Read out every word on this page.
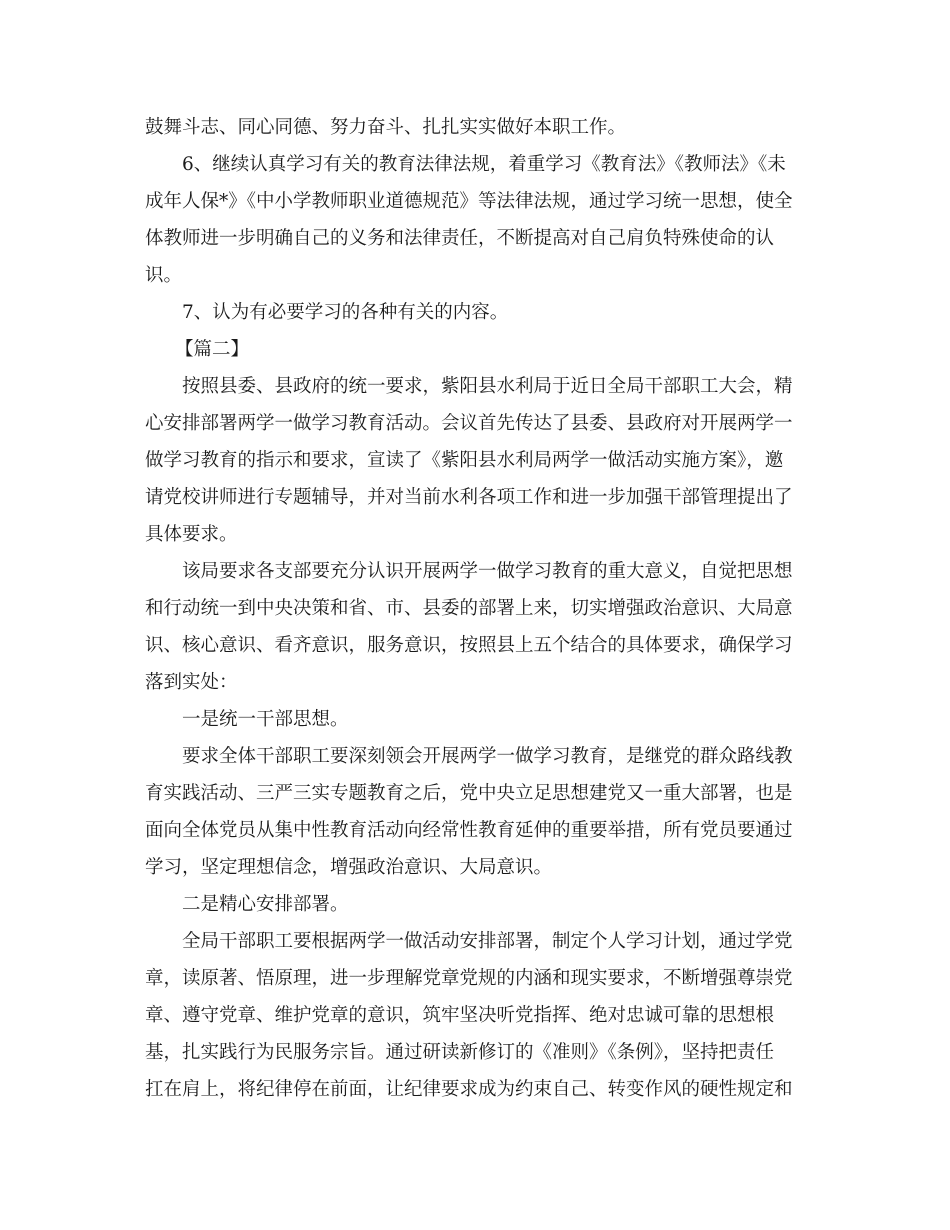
鼓舞斗志、同心同德、努力奋斗、扎扎实实做好本职工作。
6、继续认真学习有关的教育法律法规，着重学习《教育法》《教师法》《未
成年人保*》《中小学教师职业道德规范》等法律法规，通过学习统一思想，使全
体教师进一步明确自己的义务和法律责任，不断提高对自己肩负特殊使命的认
识。
7、认为有必要学习的各种有关的内容。
【篇二】
按照县委、县政府的统一要求，紫阳县水利局于近日全局干部职工大会，精
心安排部署两学一做学习教育活动。会议首先传达了县委、县政府对开展两学一
做学习教育的指示和要求，宣读了《紫阳县水利局两学一做活动实施方案》，邀
请党校讲师进行专题辅导，并对当前水利各项工作和进一步加强干部管理提出了
具体要求。
该局要求各支部要充分认识开展两学一做学习教育的重大意义，自觉把思想
和行动统一到中央决策和省、市、县委的部署上来，切实增强政治意识、大局意
识、核心意识、看齐意识，服务意识，按照县上五个结合的具体要求，确保学习
落到实处：
一是统一干部思想。
要求全体干部职工要深刻领会开展两学一做学习教育，是继党的群众路线教
育实践活动、三严三实专题教育之后，党中央立足思想建党又一重大部署，也是
面向全体党员从集中性教育活动向经常性教育延伸的重要举措，所有党员要通过
学习，坚定理想信念，增强政治意识、大局意识。
二是精心安排部署。
全局干部职工要根据两学一做活动安排部署，制定个人学习计划，通过学党
章，读原著、悟原理，进一步理解党章党规的内涵和现实要求，不断增强尊崇党
章、遵守党章、维护党章的意识，筑牢坚决听党指挥、绝对忠诚可靠的思想根
基，扎实践行为民服务宗旨。通过研读新修订的《准则》《条例》，坚持把责任
扛在肩上，将纪律停在前面，让纪律要求成为约束自己、转变作风的硬性规定和
